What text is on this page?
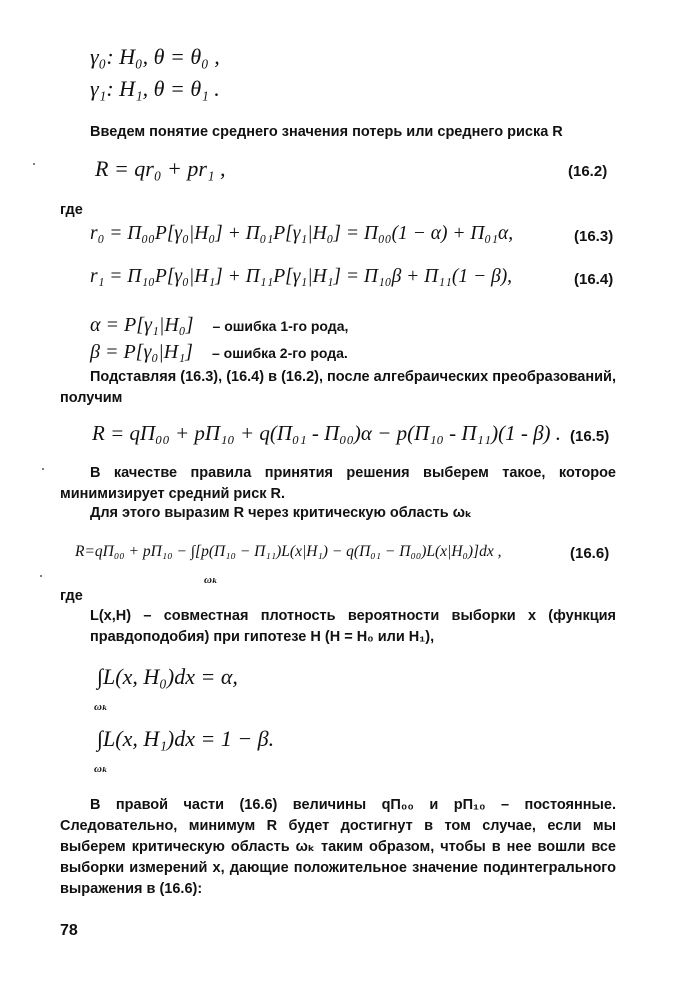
γ₀: H₀, θ = θ₀ ,
γ₁: H₁, θ = θ₁ .
Введем понятие среднего значения потерь или среднего риска R
R = qr₀ + pr₁ ,	(16.2)
где
r₀ = Π₀₀P[γ₀|H₀] + Π₀₁P[γ₁|H₀] = Π₀₀(1 − α) + Π₀₁α,	(16.3)
r₁ = Π₁₀P[γ₀|H₁] + Π₁₁P[γ₁|H₁] = Π₁₀β + Π₁₁(1 − β),	(16.4)
α = P[γ₁|H₀] – ошибка 1-го рода,
β = P[γ₀|H₁] – ошибка 2-го рода.
Подставляя (16.3), (16.4) в (16.2), после алгебраических преобразований, получим
R = qΠ₀₀ + pΠ₁₀ + q(Π₀₁ - Π₀₀)α − p(Π₁₀ - Π₁₁)(1 - β) . (16.5)
В качестве правила принятия решения выберем такое, которое минимизирует средний риск R.
Для этого выразим R через критическую область ωₖ
R=qΠ₀₀ + pΠ₁₀ − ∫[p(Π₁₀ − Π₁₁)L(x|H₁) − q(Π₀₁ − Π₀₀)L(x|H₀)]dx ,
ωₖ
(16.6)
где
L(x,H) – совместная плотность вероятности выборки x (функция правдоподобия) при гипотезе H (H = H₀ или H₁),
∫L(x, H₀)dx = α,
ωₖ
∫L(x, H₁)dx = 1 − β.
ωₖ
В правой части (16.6) величины qΠ₀₀ и pΠ₁₀ – постоянные. Следовательно, минимум R будет достигнут в том случае, если мы выберем критическую область ωₖ таким образом, чтобы в нее вошли все выборки измерений x, дающие положительное значение подинтегрального выражения в (16.6):
78
